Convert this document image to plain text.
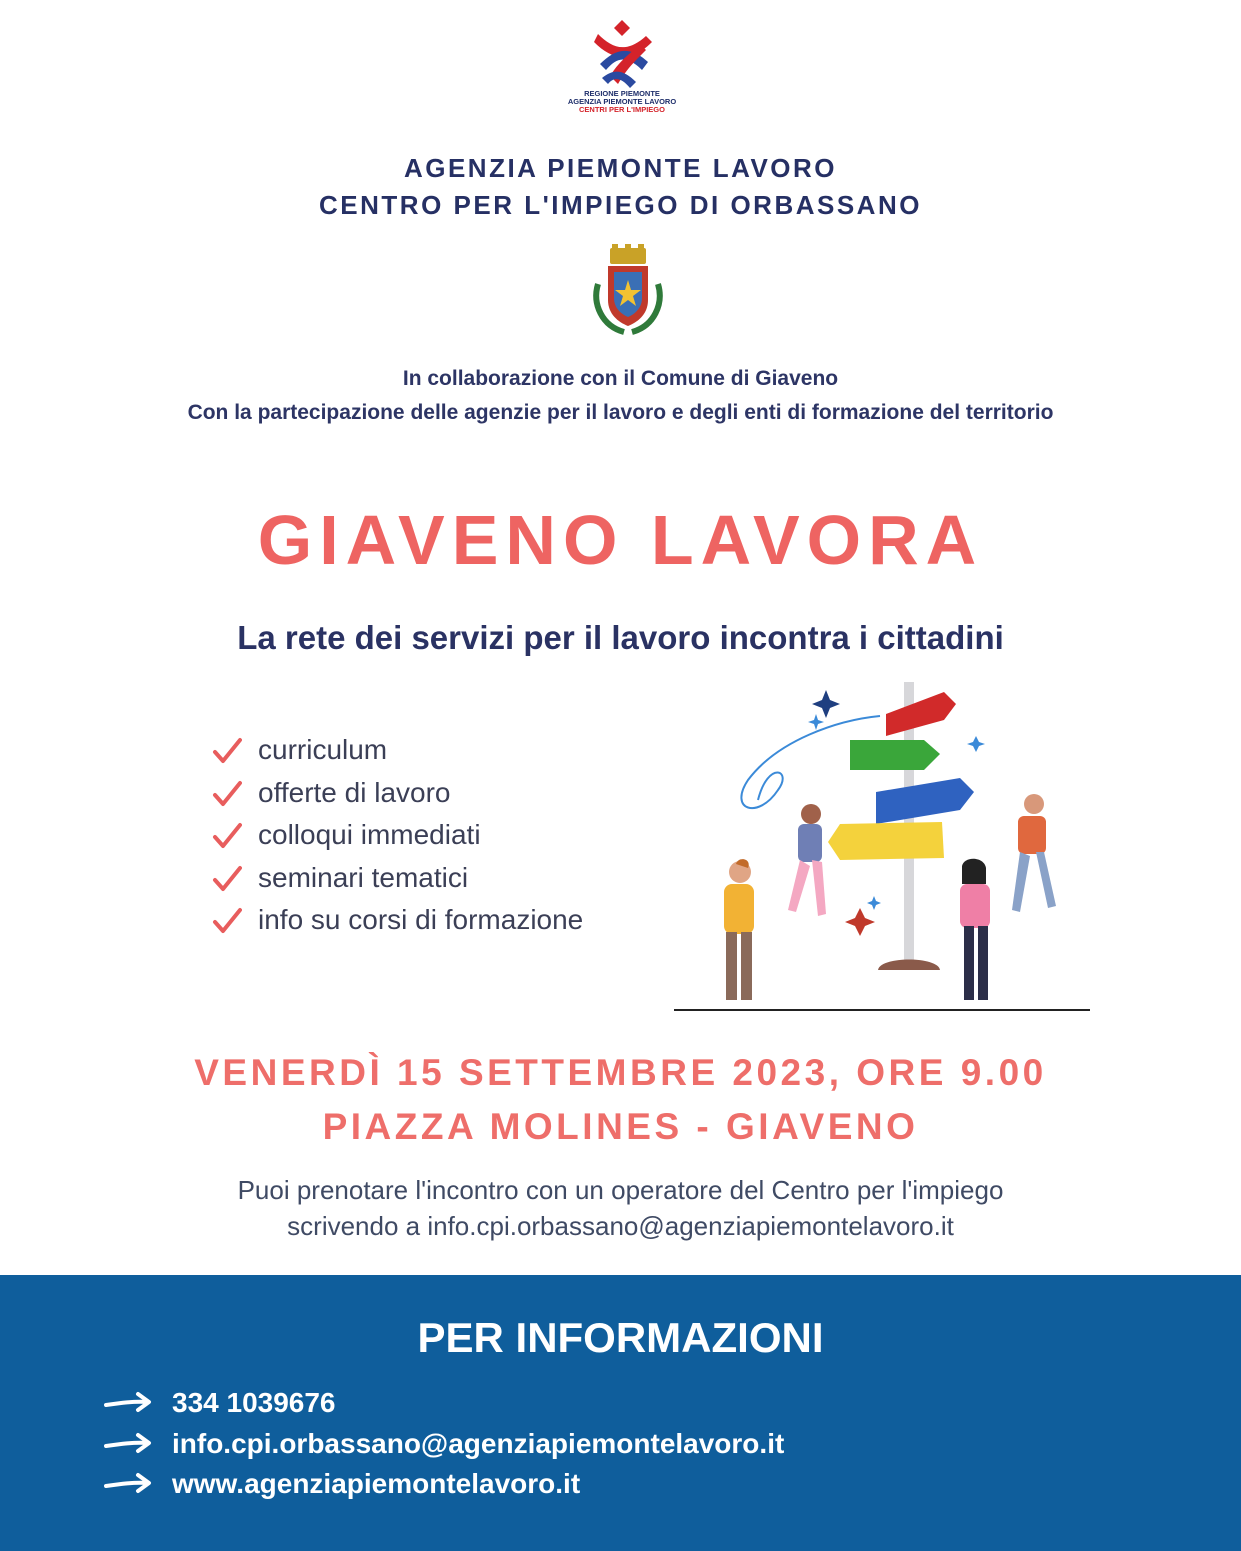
REGIONE PIEMONTE
AGENZIA PIEMONTE LAVORO
CENTRI PER L'IMPIEGO
AGENZIA PIEMONTE LAVORO
CENTRO PER L'IMPIEGO DI ORBASSANO
In collaborazione con il Comune di Giaveno
Con la partecipazione delle agenzie per il lavoro e degli enti di formazione del territorio
GIAVENO LAVORA
La rete dei servizi per il lavoro incontra i cittadini
curriculum
offerte di lavoro
colloqui immediati
seminari tematici
info su corsi di formazione
VENERDÌ 15 SETTEMBRE 2023, ORE 9.00
PIAZZA MOLINES - GIAVENO
Puoi prenotare l'incontro con un operatore del Centro per l'impiego
scrivendo a info.cpi.orbassano@agenziapiemontelavoro.it
PER INFORMAZIONI
334 1039676
info.cpi.orbassano@agenziapiemontelavoro.it
www.agenziapiemontelavoro.it
